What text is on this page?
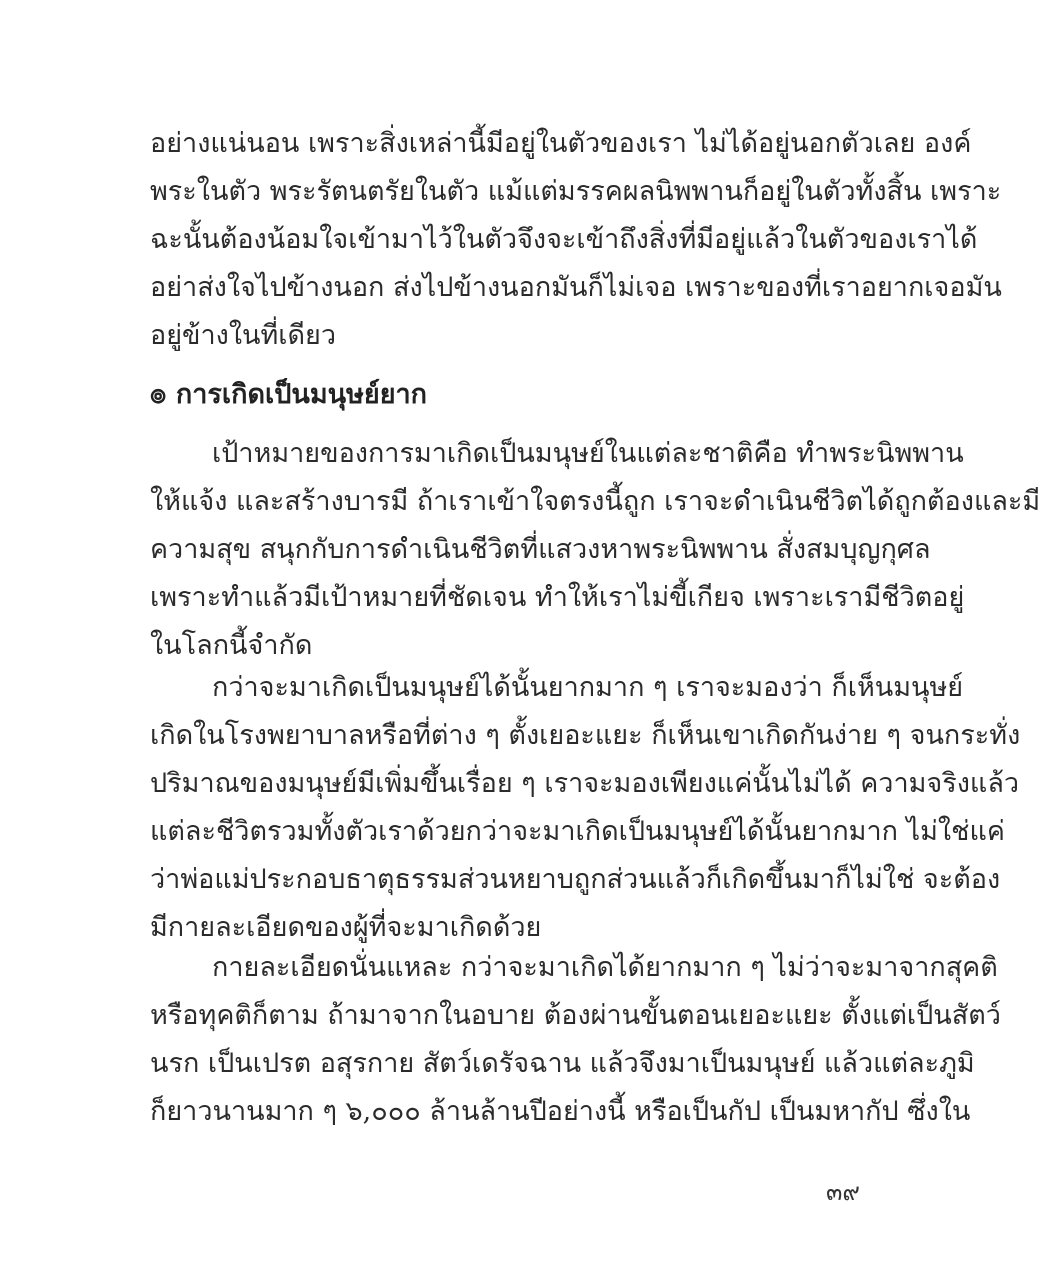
อย่างแน่นอน เพราะสิ่งเหล่านี้มีอยู่ในตัวของเรา ไม่ได้อยู่นอกตัวเลย องค์
พระในตัว พระรัตนตรัยในตัว แม้แต่มรรคผลนิพพานก็อยู่ในตัวทั้งสิ้น เพราะ
ฉะนั้นต้องน้อมใจเข้ามาไว้ในตัวจึงจะเข้าถึงสิ่งที่มีอยู่แล้วในตัวของเราได้
อย่าส่งใจไปข้างนอก ส่งไปข้างนอกมันก็ไม่เจอ เพราะของที่เราอยากเจอมัน
อยู่ข้างในที่เดียว
๏ การเกิดเป็นมนุษย์ยาก
เป้าหมายของการมาเกิดเป็นมนุษย์ในแต่ละชาติคือ ทำพระนิพพาน
ให้แจ้ง และสร้างบารมี ถ้าเราเข้าใจตรงนี้ถูก เราจะดำเนินชีวิตได้ถูกต้องและมี
ความสุข สนุกกับการดำเนินชีวิตที่แสวงหาพระนิพพาน สั่งสมบุญกุศล
เพราะทำแล้วมีเป้าหมายที่ชัดเจน ทำให้เราไม่ขี้เกียจ เพราะเรามีชีวิตอยู่
ในโลกนี้จำกัด
กว่าจะมาเกิดเป็นมนุษย์ได้นั้นยากมาก ๆ เราจะมองว่า ก็เห็นมนุษย์
เกิดในโรงพยาบาลหรือที่ต่าง ๆ ตั้งเยอะแยะ ก็เห็นเขาเกิดกันง่าย ๆ จนกระทั่ง
ปริมาณของมนุษย์มีเพิ่มขึ้นเรื่อย ๆ เราจะมองเพียงแค่นั้นไม่ได้ ความจริงแล้ว
แต่ละชีวิตรวมทั้งตัวเราด้วยกว่าจะมาเกิดเป็นมนุษย์ได้นั้นยากมาก ไม่ใช่แค่
ว่าพ่อแม่ประกอบธาตุธรรมส่วนหยาบถูกส่วนแล้วก็เกิดขึ้นมาก็ไม่ใช่ จะต้อง
มีกายละเอียดของผู้ที่จะมาเกิดด้วย
กายละเอียดนั่นแหละ กว่าจะมาเกิดได้ยากมาก ๆ ไม่ว่าจะมาจากสุคติ
หรือทุคติก็ตาม ถ้ามาจากในอบาย ต้องผ่านขั้นตอนเยอะแยะ ตั้งแต่เป็นสัตว์
นรก เป็นเปรต อสุรกาย สัตว์เดรัจฉาน แล้วจึงมาเป็นมนุษย์ แล้วแต่ละภูมิ
ก็ยาวนานมาก ๆ ๖,๐๐๐ ล้านล้านปีอย่างนี้ หรือเป็นกัป เป็นมหากัป ซึ่งใน
๓๙
